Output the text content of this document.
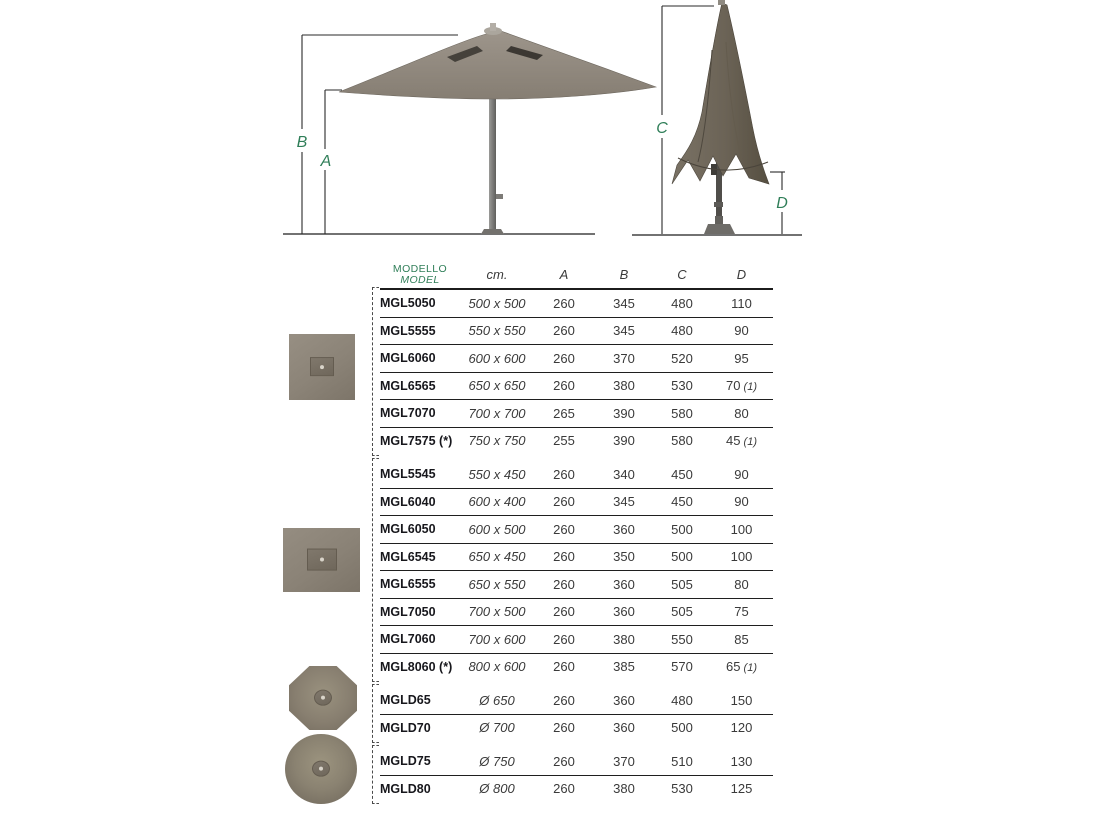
B
A
C
D
MODELLO
MODEL	cm.	A	B	C	D
MGL5050	500 x 500	260	345	480	110
MGL5555	550 x 550	260	345	480	90
MGL6060	600 x 600	260	370	520	95
MGL6565	650 x 650	260	380	530	70 (1)
MGL7070	700 x 700	265	390	580	80
MGL7575 (*)	750 x 750	255	390	580	45 (1)
MGL5545	550 x 450	260	340	450	90
MGL6040	600 x 400	260	345	450	90
MGL6050	600 x 500	260	360	500	100
MGL6545	650 x 450	260	350	500	100
MGL6555	650 x 550	260	360	505	80
MGL7050	700 x 500	260	360	505	75
MGL7060	700 x 600	260	380	550	85
MGL8060 (*)	800 x 600	260	385	570	65 (1)
MGLD65	Ø 650	260	360	480	150
MGLD70	Ø 700	260	360	500	120
MGLD75	Ø 750	260	370	510	130
MGLD80	Ø 800	260	380	530	125
